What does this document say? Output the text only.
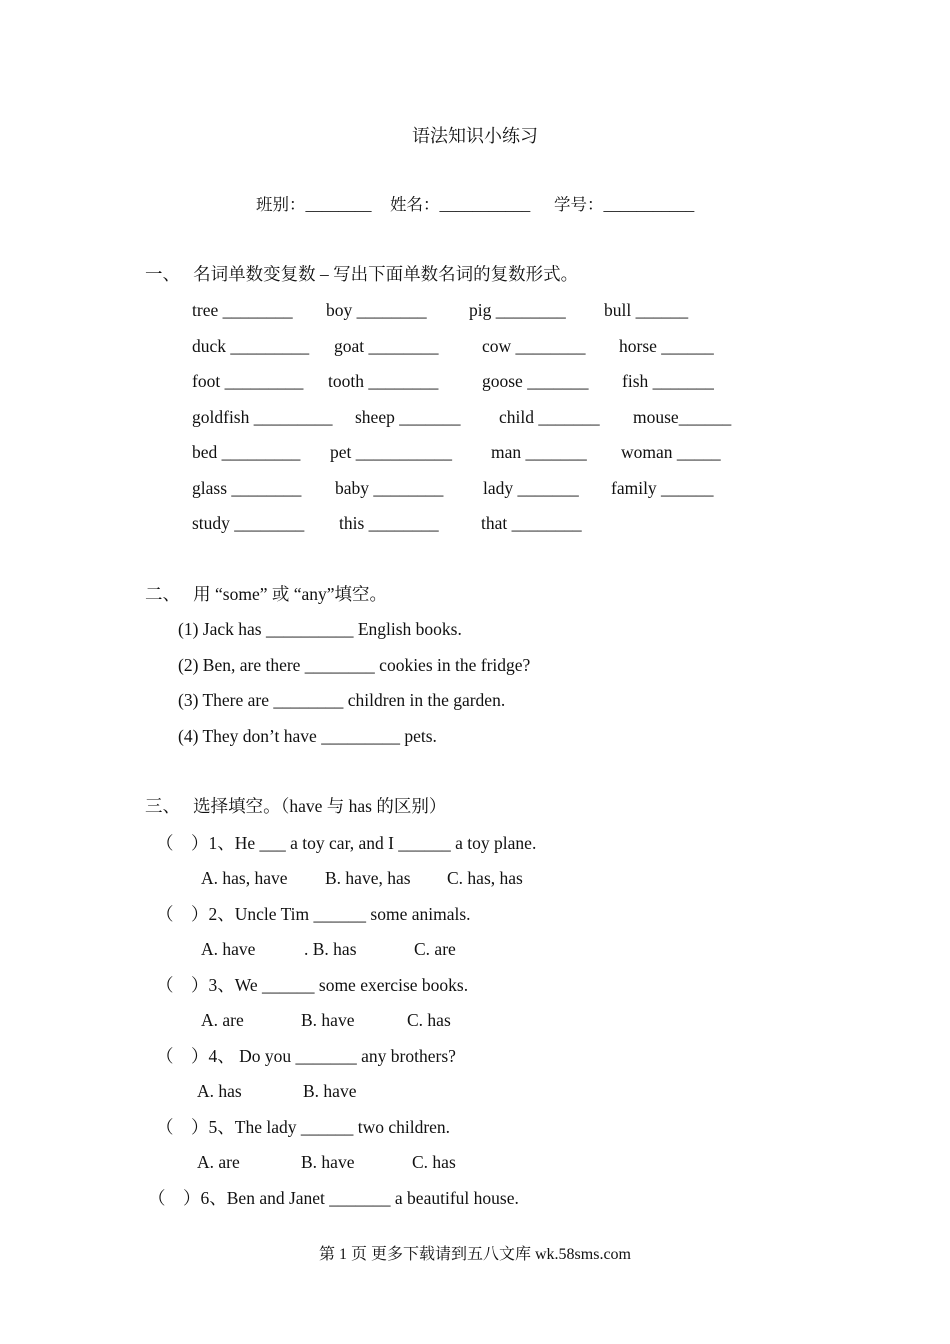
语法知识小练习
班别：________ 姓名：___________ 学号：___________
一、   名词单数变复数 – 写出下面单数名词的复数形式。
tree ________ boy ________ pig ________ bull ______
duck _________ goat ________ cow ________ horse ______
foot _________ tooth ________ goose _______ fish _______
goldfish _________ sheep _______ child _______ mouse______
bed _________ pet ___________ man _______ woman _____
glass ________ baby ________ lady _______ family ______
study ________ this ________ that ________
二、   用 “some” 或 “any”填空。
(1) Jack has __________ English books.
(2) Ben, are there ________ cookies in the fridge?
(3) There are ________ children in the garden.
(4) They don’t have _________ pets.
三、   选择填空。（have 与 has 的区别）
（    ）1、He ___ a toy car, and I ______ a toy plane.
A. has, have B. have, has C. has, has
（    ）2、Uncle Tim ______ some animals.
A. have	. B. has	C. are
（    ）3、We ______ some exercise books.
A. are	B. have	C. has
（    ）4、 Do you _______ any brothers?
A. has	B. have
（    ）5、The lady ______ two children.
A. are	B. have	C. has
（    ）6、Ben and Janet _______ a beautiful house.
第 1 页 更多下载请到五八文库 wk.58sms.com
